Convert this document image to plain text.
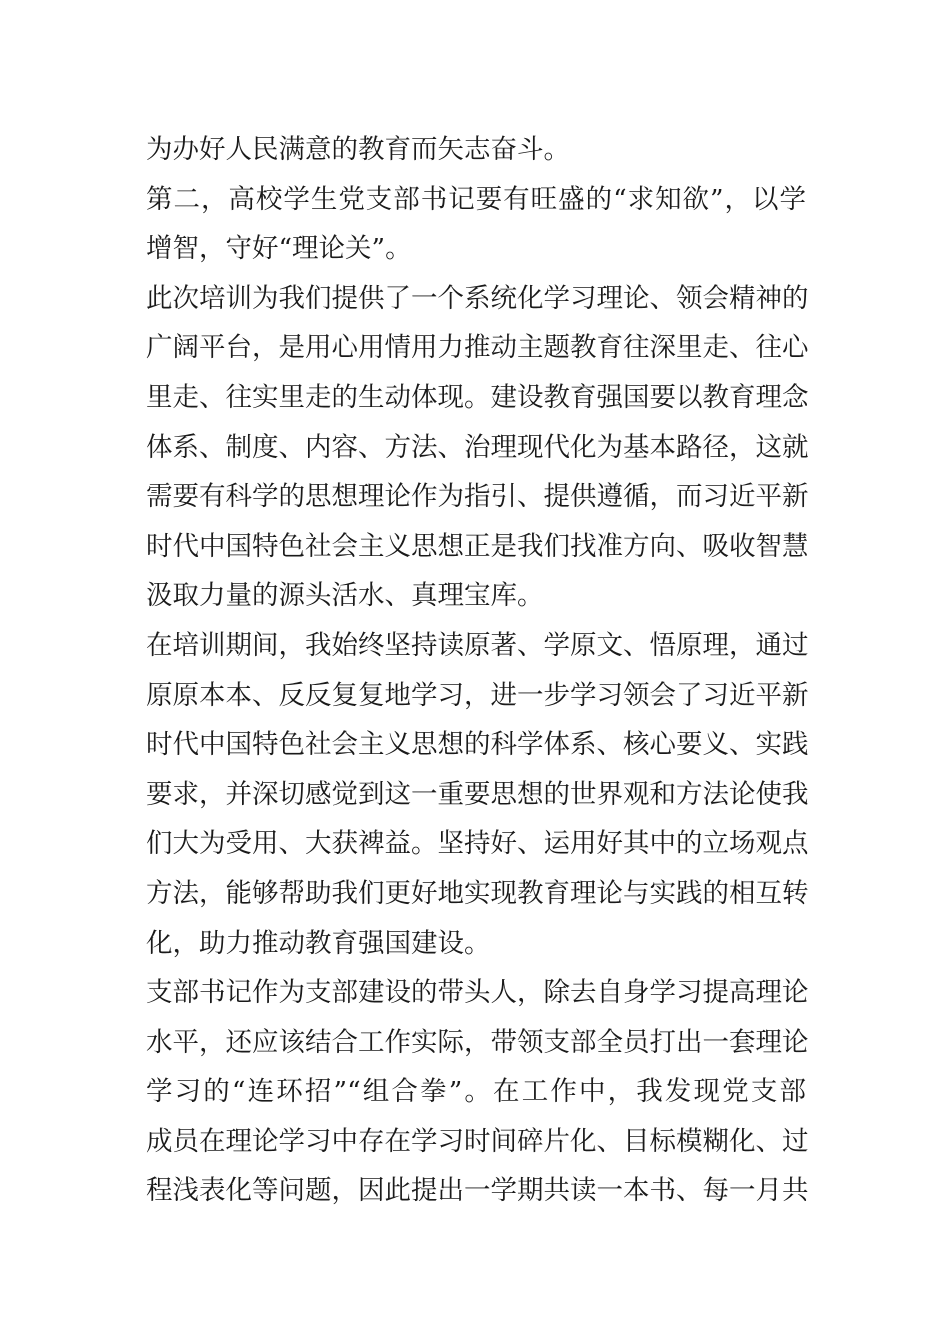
为办好人民满意的教育而矢志奋斗。
第二，高校学生党支部书记要有旺盛的“求知欲”，以学
增智，守好“理论关”。
此次培训为我们提供了一个系统化学习理论、领会精神的
广阔平台，是用心用情用力推动主题教育往深里走、往心
里走、往实里走的生动体现。建设教育强国要以教育理念
体系、制度、内容、方法、治理现代化为基本路径，这就
需要有科学的思想理论作为指引、提供遵循，而习近平新
时代中国特色社会主义思想正是我们找准方向、吸收智慧
汲取力量的源头活水、真理宝库。
在培训期间，我始终坚持读原著、学原文、悟原理，通过
原原本本、反反复复地学习，进一步学习领会了习近平新
时代中国特色社会主义思想的科学体系、核心要义、实践
要求，并深切感觉到这一重要思想的世界观和方法论使我
们大为受用、大获裨益。坚持好、运用好其中的立场观点
方法，能够帮助我们更好地实现教育理论与实践的相互转
化，助力推动教育强国建设。
支部书记作为支部建设的带头人，除去自身学习提高理论
水平，还应该结合工作实际，带领支部全员打出一套理论
学习的“连环招”“组合拳”。在工作中，我发现党支部
成员在理论学习中存在学习时间碎片化、目标模糊化、过
程浅表化等问题，因此提出一学期共读一本书、每一月共
